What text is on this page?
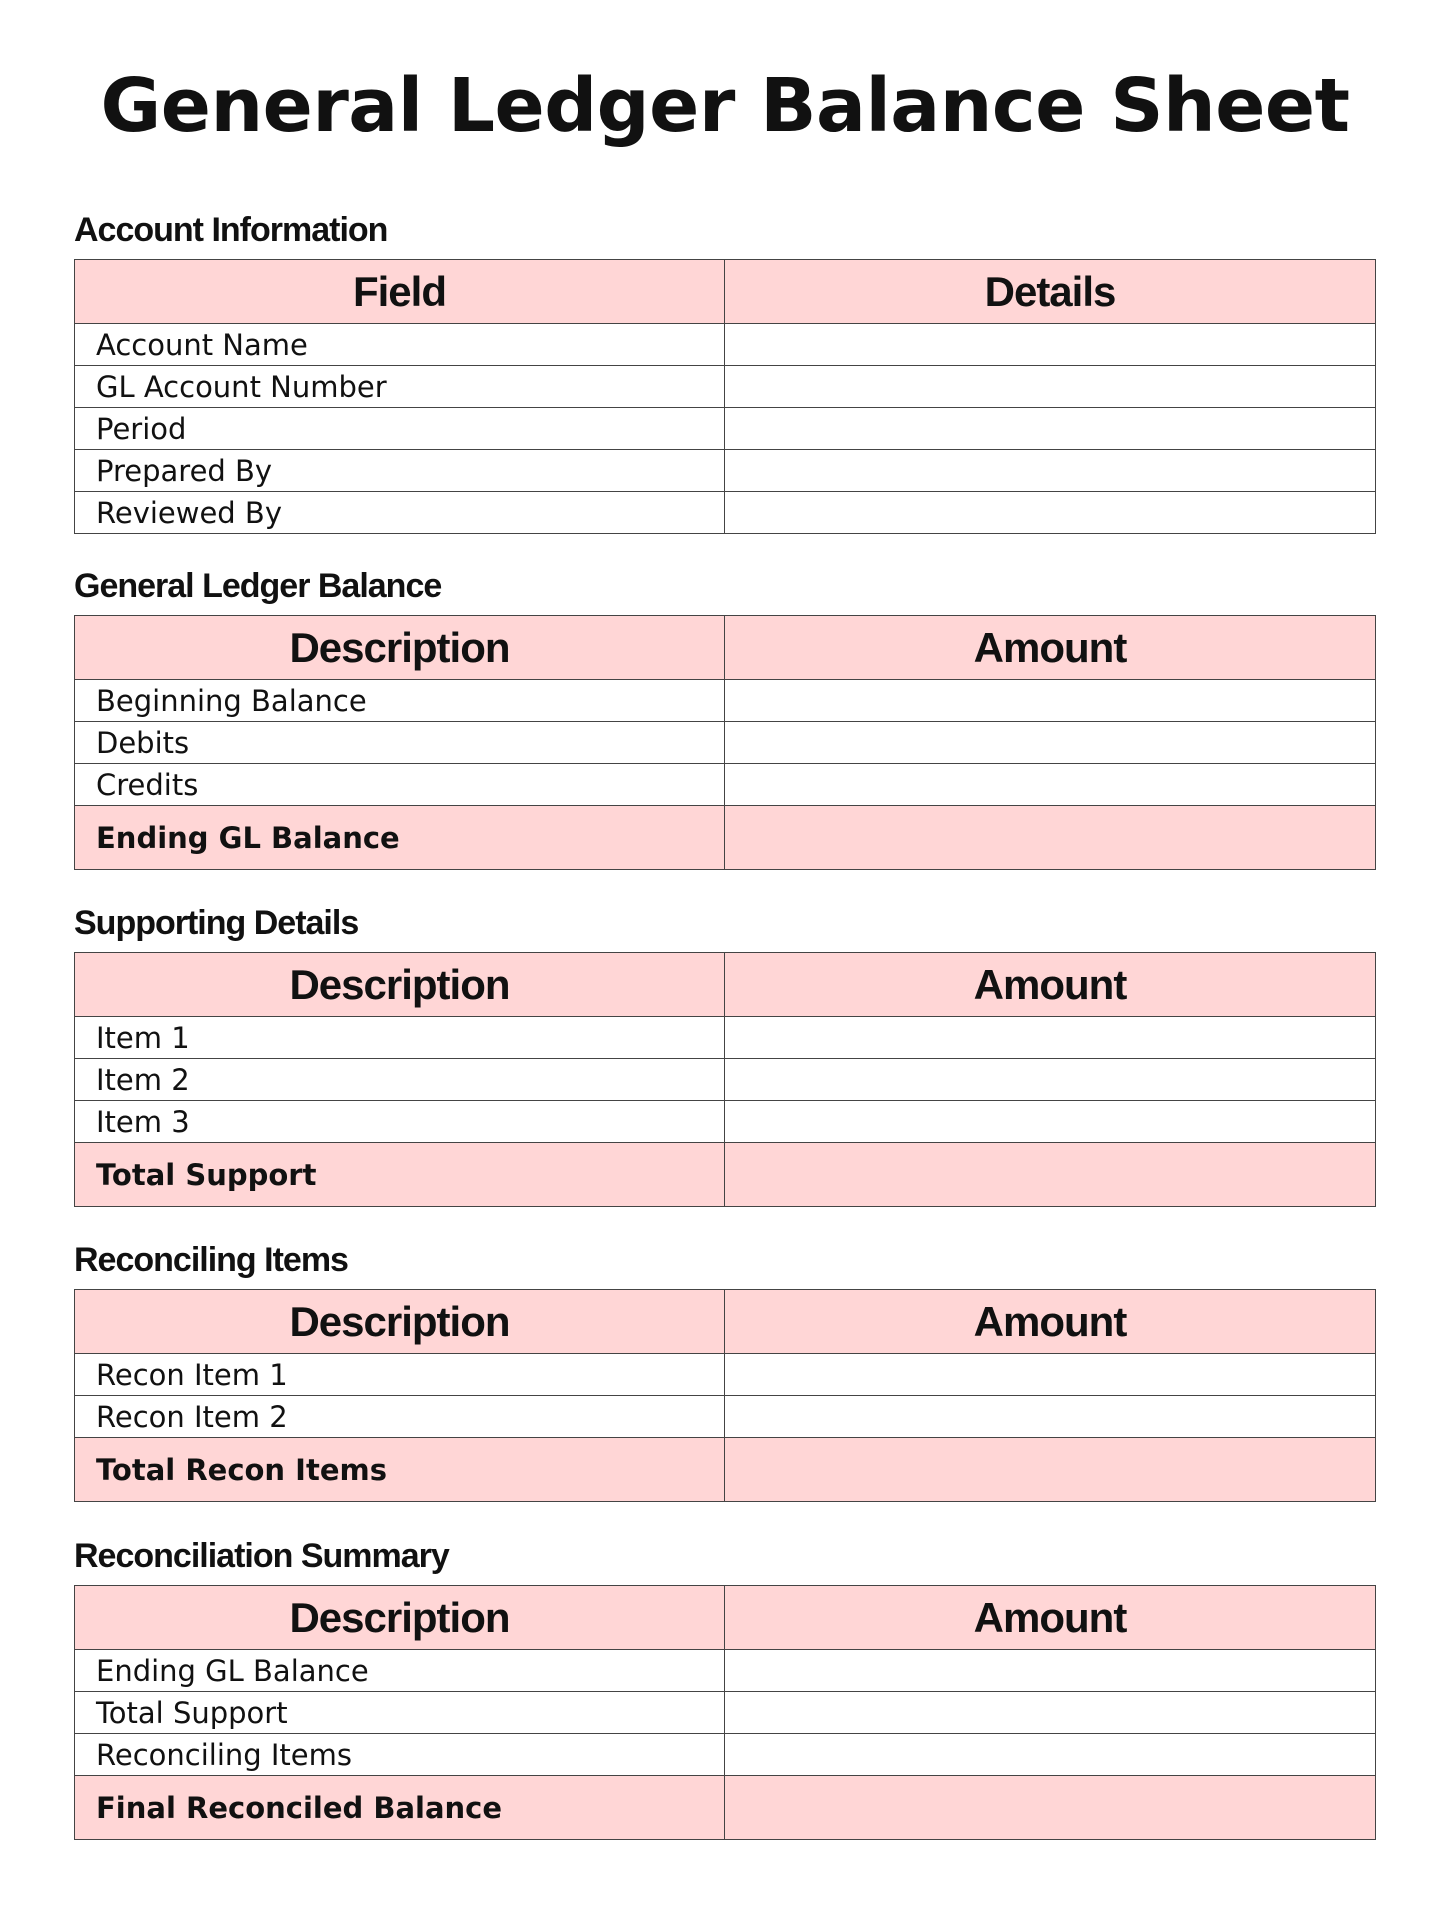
General Ledger Balance Sheet
Account Information
Field	Details
Account Name	
GL Account Number	
Period	
Prepared By	
Reviewed By	
General Ledger Balance
Description	Amount
Beginning Balance	
Debits	
Credits	
Ending GL Balance	
Supporting Details
Description	Amount
Item 1	
Item 2	
Item 3	
Total Support	
Reconciling Items
Description	Amount
Recon Item 1	
Recon Item 2	
Total Recon Items	
Reconciliation Summary
Description	Amount
Ending GL Balance	
Total Support	
Reconciling Items	
Final Reconciled Balance	
